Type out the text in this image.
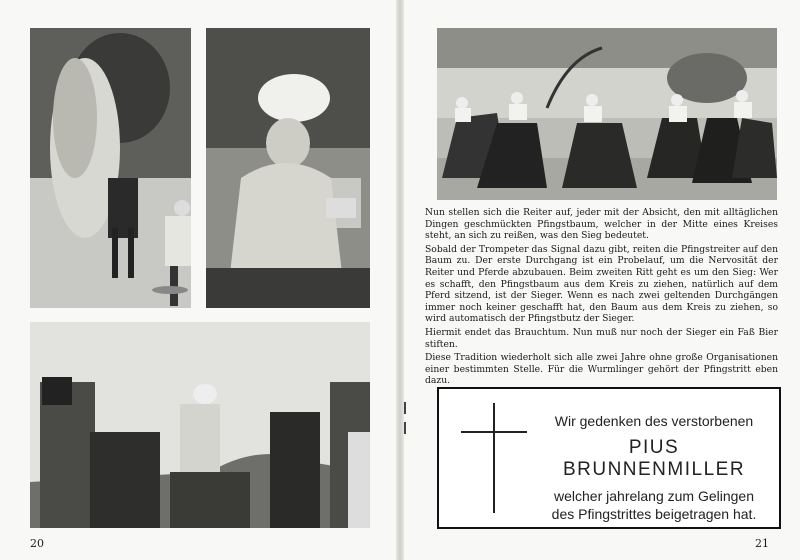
20

Nun stellen sich die Reiter auf, jeder mit der Absicht, den mit alltäglichen Dingen geschmückten Pfingstbaum, welcher in der Mitte eines Kreises steht, an sich zu reißen, was den Sieg bedeutet.

Sobald der Trompeter das Signal dazu gibt, reiten die Pfingstreiter auf den Baum zu. Der erste Durchgang ist ein Probelauf, um die Nervosität der Reiter und Pferde abzubauen. Beim zweiten Ritt geht es um den Sieg: Wer es schafft, den Pfingstbaum aus dem Kreis zu ziehen, natürlich auf dem Pferd sitzend, ist der Sieger. Wenn es nach zwei geltenden Durchgängen immer noch keiner geschafft hat, den Baum aus dem Kreis zu ziehen, so wird automatisch der Pfingstbutz der Sieger.

Hiermit endet das Brauchtum. Nun muß nur noch der Sieger ein Faß Bier stiften.

Diese Tradition wiederholt sich alle zwei Jahre ohne große Organisationen einer bestimmten Stelle. Für die Wurmlinger gehört der Pfingstritt eben dazu.

Wir gedenken des verstorbenen
PIUS BRUNNENMILLER
welcher jahrelang zum Gelingen
des Pfingstrittes beigetragen hat.
21
